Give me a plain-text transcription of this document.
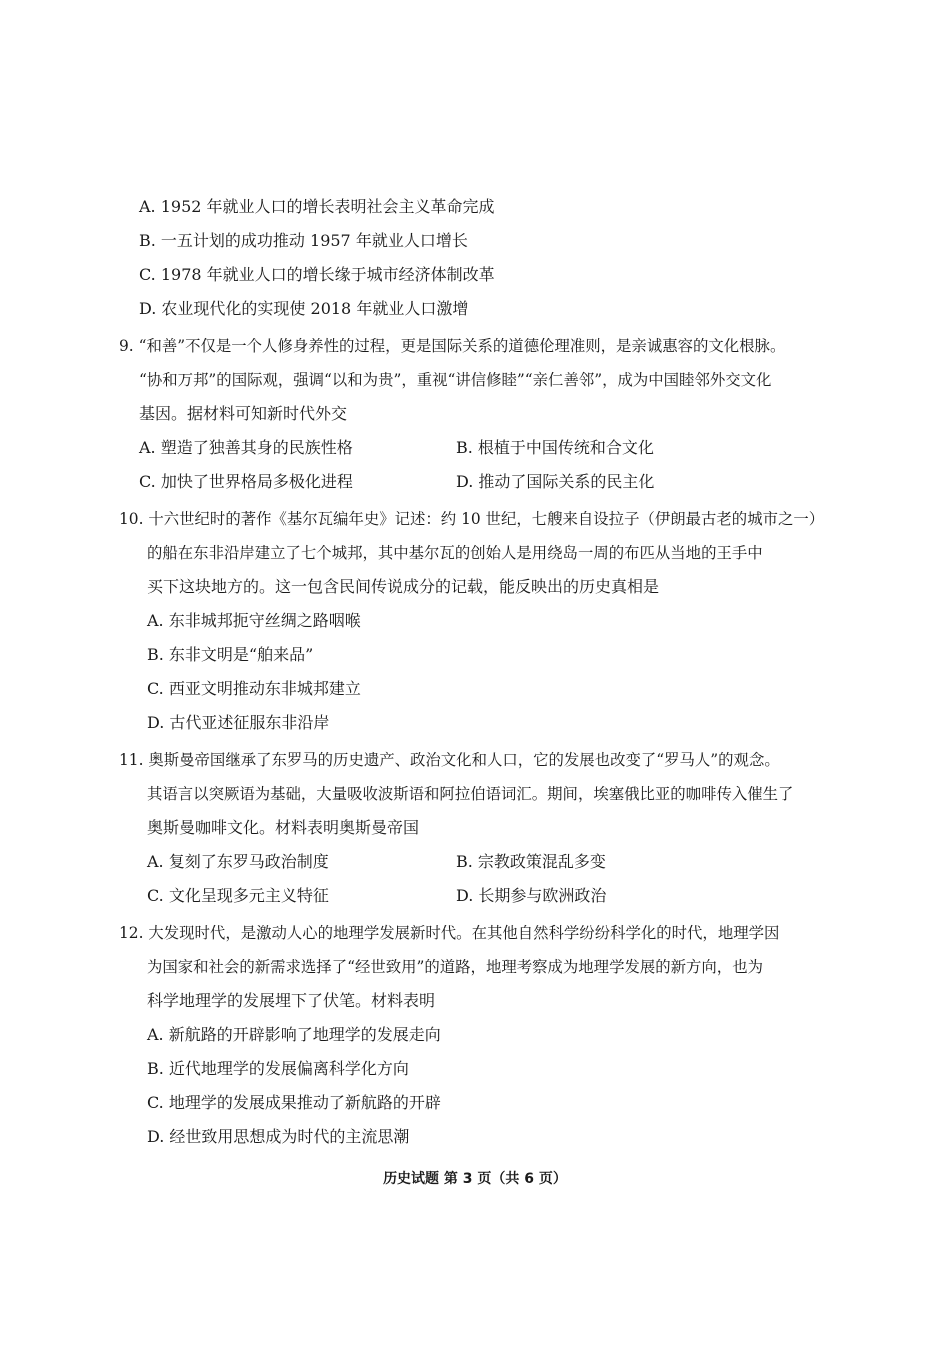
A. 1952 年就业人口的增长表明社会主义革命完成
B. 一五计划的成功推动 1957 年就业人口增长
C. 1978 年就业人口的增长缘于城市经济体制改革
D. 农业现代化的实现使 2018 年就业人口激增
9. “和善”不仅是一个人修身养性的过程，更是国际关系的道德伦理准则，是亲诚惠容的文化根脉。
“协和万邦”的国际观，强调“以和为贵”，重视“讲信修睦”“亲仁善邻”，成为中国睦邻外交文化
基因。据材料可知新时代外交
A. 塑造了独善其身的民族性格	B. 根植于中国传统和合文化
C. 加快了世界格局多极化进程	D. 推动了国际关系的民主化
10. 十六世纪时的著作《基尔瓦编年史》记述：约 10 世纪，七艘来自设拉子（伊朗最古老的城市之一）
的船在东非沿岸建立了七个城邦，其中基尔瓦的创始人是用绕岛一周的布匹从当地的王手中
买下这块地方的。这一包含民间传说成分的记载，能反映出的历史真相是
A. 东非城邦扼守丝绸之路咽喉
B. 东非文明是“舶来品”
C. 西亚文明推动东非城邦建立
D. 古代亚述征服东非沿岸
11. 奥斯曼帝国继承了东罗马的历史遗产、政治文化和人口，它的发展也改变了“罗马人”的观念。
其语言以突厥语为基础，大量吸收波斯语和阿拉伯语词汇。期间，埃塞俄比亚的咖啡传入催生了
奥斯曼咖啡文化。材料表明奥斯曼帝国
A. 复刻了东罗马政治制度	B. 宗教政策混乱多变
C. 文化呈现多元主义特征	D. 长期参与欧洲政治
12. 大发现时代，是激动人心的地理学发展新时代。在其他自然科学纷纷科学化的时代，地理学因
为国家和社会的新需求选择了“经世致用”的道路，地理考察成为地理学发展的新方向，也为
科学地理学的发展埋下了伏笔。材料表明
A. 新航路的开辟影响了地理学的发展走向
B. 近代地理学的发展偏离科学化方向
C. 地理学的发展成果推动了新航路的开辟
D. 经世致用思想成为时代的主流思潮
历史试题 第 3 页（共 6 页）
